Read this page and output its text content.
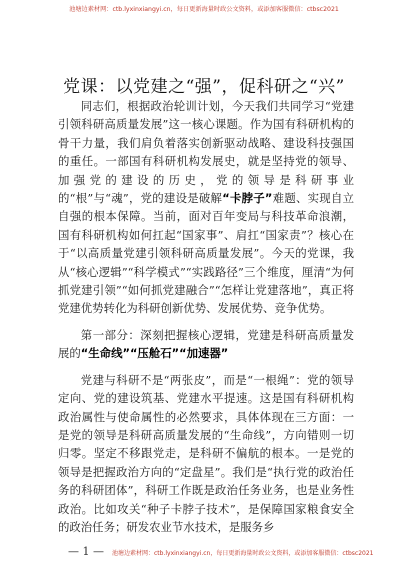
池塘边素材网：ctb.lyxinxiangyi.cn，每日更新海量时政公文资料，或添加客服微信：ctbsc2021
党课：以党建之“强”，促科研之“兴”

同志们，根据政治轮训计划，今天我们共同学习“党建引领科研高质量发展”这一核心课题。作为国有科研机构的骨干力量，我们肩负着落实创新驱动战略、建设科技强国的重任。一部国有科研机构发展史，就是坚持党的领导、加强党的建设的历史，党的领导是科研事业的“根”与“魂”，党的建设是破解“卡脖子”难题、实现自立自强的根本保障。当前，面对百年变局与科技革命浪潮，国有科研机构如何扛起“国家事”、肩扛“国家责”？核心在于“以高质量党建引领科研高质量发展”。今天的党课，我从“核心逻辑”“科学模式”“实践路径”三个维度，厘清“为何抓党建引领”“如何抓党建融合”“怎样让党建落地”，真正将党建优势转化为科研创新优势、发展优势、竞争优势。

第一部分：深刻把握核心逻辑，党建是科研高质量发展的“生命线”“压舱石”“加速器”

党建与科研不是“两张皮”，而是“一根绳”：党的领导定向、党的建设筑基、党建水平提速。这是国有科研机构政治属性与使命属性的必然要求，具体体现在三方面：一是党的领导是科研高质量发展的“生命线”，方向错则一切归零。坚定不移跟党走，是科研不偏航的根本。一是党的领导是把握政治方向的“定盘星”。我们是“执行党的政治任务的科研团体”，科研工作既是政治任务业务，也是业务性政治。比如攻关“种子卡脖子技术”，是保障国家粮食安全的政治任务；研发农业节水技术，是服务乡

— 1 — 池塘边素材网：ctb.lyxinxiangyi.cn，每日更新海量时政公文资料，或添加客服微信：ctbsc2021
